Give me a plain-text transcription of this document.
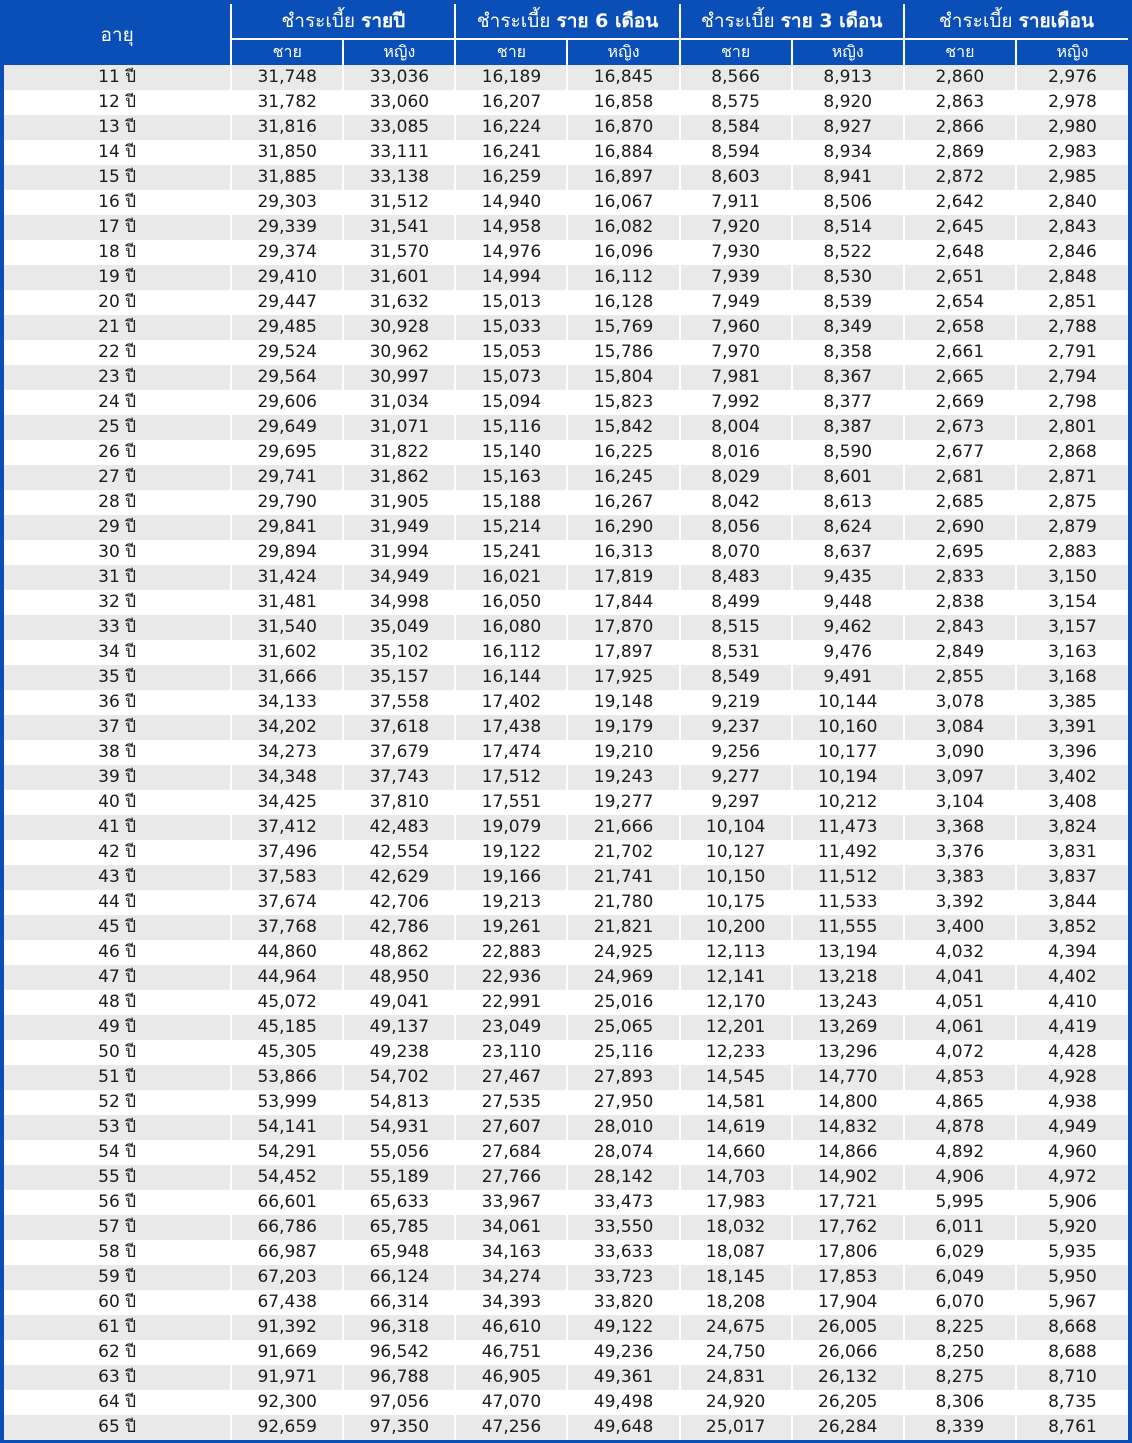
อายุ	ชำระเบี้ย รายปี		ชำระเบี้ย ราย 6 เดือน		ชำระเบี้ย ราย 3 เดือน		ชำระเบี้ย รายเดือน	
	ชาย	หญิง	ชาย	หญิง	ชาย	หญิง	ชาย	หญิง
11 ปี	31,748	33,036	16,189	16,845	8,566	8,913	2,860	2,976
12 ปี	31,782	33,060	16,207	16,858	8,575	8,920	2,863	2,978
13 ปี	31,816	33,085	16,224	16,870	8,584	8,927	2,866	2,980
14 ปี	31,850	33,111	16,241	16,884	8,594	8,934	2,869	2,983
15 ปี	31,885	33,138	16,259	16,897	8,603	8,941	2,872	2,985
16 ปี	29,303	31,512	14,940	16,067	7,911	8,506	2,642	2,840
17 ปี	29,339	31,541	14,958	16,082	7,920	8,514	2,645	2,843
18 ปี	29,374	31,570	14,976	16,096	7,930	8,522	2,648	2,846
19 ปี	29,410	31,601	14,994	16,112	7,939	8,530	2,651	2,848
20 ปี	29,447	31,632	15,013	16,128	7,949	8,539	2,654	2,851
21 ปี	29,485	30,928	15,033	15,769	7,960	8,349	2,658	2,788
22 ปี	29,524	30,962	15,053	15,786	7,970	8,358	2,661	2,791
23 ปี	29,564	30,997	15,073	15,804	7,981	8,367	2,665	2,794
24 ปี	29,606	31,034	15,094	15,823	7,992	8,377	2,669	2,798
25 ปี	29,649	31,071	15,116	15,842	8,004	8,387	2,673	2,801
26 ปี	29,695	31,822	15,140	16,225	8,016	8,590	2,677	2,868
27 ปี	29,741	31,862	15,163	16,245	8,029	8,601	2,681	2,871
28 ปี	29,790	31,905	15,188	16,267	8,042	8,613	2,685	2,875
29 ปี	29,841	31,949	15,214	16,290	8,056	8,624	2,690	2,879
30 ปี	29,894	31,994	15,241	16,313	8,070	8,637	2,695	2,883
31 ปี	31,424	34,949	16,021	17,819	8,483	9,435	2,833	3,150
32 ปี	31,481	34,998	16,050	17,844	8,499	9,448	2,838	3,154
33 ปี	31,540	35,049	16,080	17,870	8,515	9,462	2,843	3,157
34 ปี	31,602	35,102	16,112	17,897	8,531	9,476	2,849	3,163
35 ปี	31,666	35,157	16,144	17,925	8,549	9,491	2,855	3,168
36 ปี	34,133	37,558	17,402	19,148	9,219	10,144	3,078	3,385
37 ปี	34,202	37,618	17,438	19,179	9,237	10,160	3,084	3,391
38 ปี	34,273	37,679	17,474	19,210	9,256	10,177	3,090	3,396
39 ปี	34,348	37,743	17,512	19,243	9,277	10,194	3,097	3,402
40 ปี	34,425	37,810	17,551	19,277	9,297	10,212	3,104	3,408
41 ปี	37,412	42,483	19,079	21,666	10,104	11,473	3,368	3,824
42 ปี	37,496	42,554	19,122	21,702	10,127	11,492	3,376	3,831
43 ปี	37,583	42,629	19,166	21,741	10,150	11,512	3,383	3,837
44 ปี	37,674	42,706	19,213	21,780	10,175	11,533	3,392	3,844
45 ปี	37,768	42,786	19,261	21,821	10,200	11,555	3,400	3,852
46 ปี	44,860	48,862	22,883	24,925	12,113	13,194	4,032	4,394
47 ปี	44,964	48,950	22,936	24,969	12,141	13,218	4,041	4,402
48 ปี	45,072	49,041	22,991	25,016	12,170	13,243	4,051	4,410
49 ปี	45,185	49,137	23,049	25,065	12,201	13,269	4,061	4,419
50 ปี	45,305	49,238	23,110	25,116	12,233	13,296	4,072	4,428
51 ปี	53,866	54,702	27,467	27,893	14,545	14,770	4,853	4,928
52 ปี	53,999	54,813	27,535	27,950	14,581	14,800	4,865	4,938
53 ปี	54,141	54,931	27,607	28,010	14,619	14,832	4,878	4,949
54 ปี	54,291	55,056	27,684	28,074	14,660	14,866	4,892	4,960
55 ปี	54,452	55,189	27,766	28,142	14,703	14,902	4,906	4,972
56 ปี	66,601	65,633	33,967	33,473	17,983	17,721	5,995	5,906
57 ปี	66,786	65,785	34,061	33,550	18,032	17,762	6,011	5,920
58 ปี	66,987	65,948	34,163	33,633	18,087	17,806	6,029	5,935
59 ปี	67,203	66,124	34,274	33,723	18,145	17,853	6,049	5,950
60 ปี	67,438	66,314	34,393	33,820	18,208	17,904	6,070	5,967
61 ปี	91,392	96,318	46,610	49,122	24,675	26,005	8,225	8,668
62 ปี	91,669	96,542	46,751	49,236	24,750	26,066	8,250	8,688
63 ปี	91,971	96,788	46,905	49,361	24,831	26,132	8,275	8,710
64 ปี	92,300	97,056	47,070	49,498	24,920	26,205	8,306	8,735
65 ปี	92,659	97,350	47,256	49,648	25,017	26,284	8,339	8,761
